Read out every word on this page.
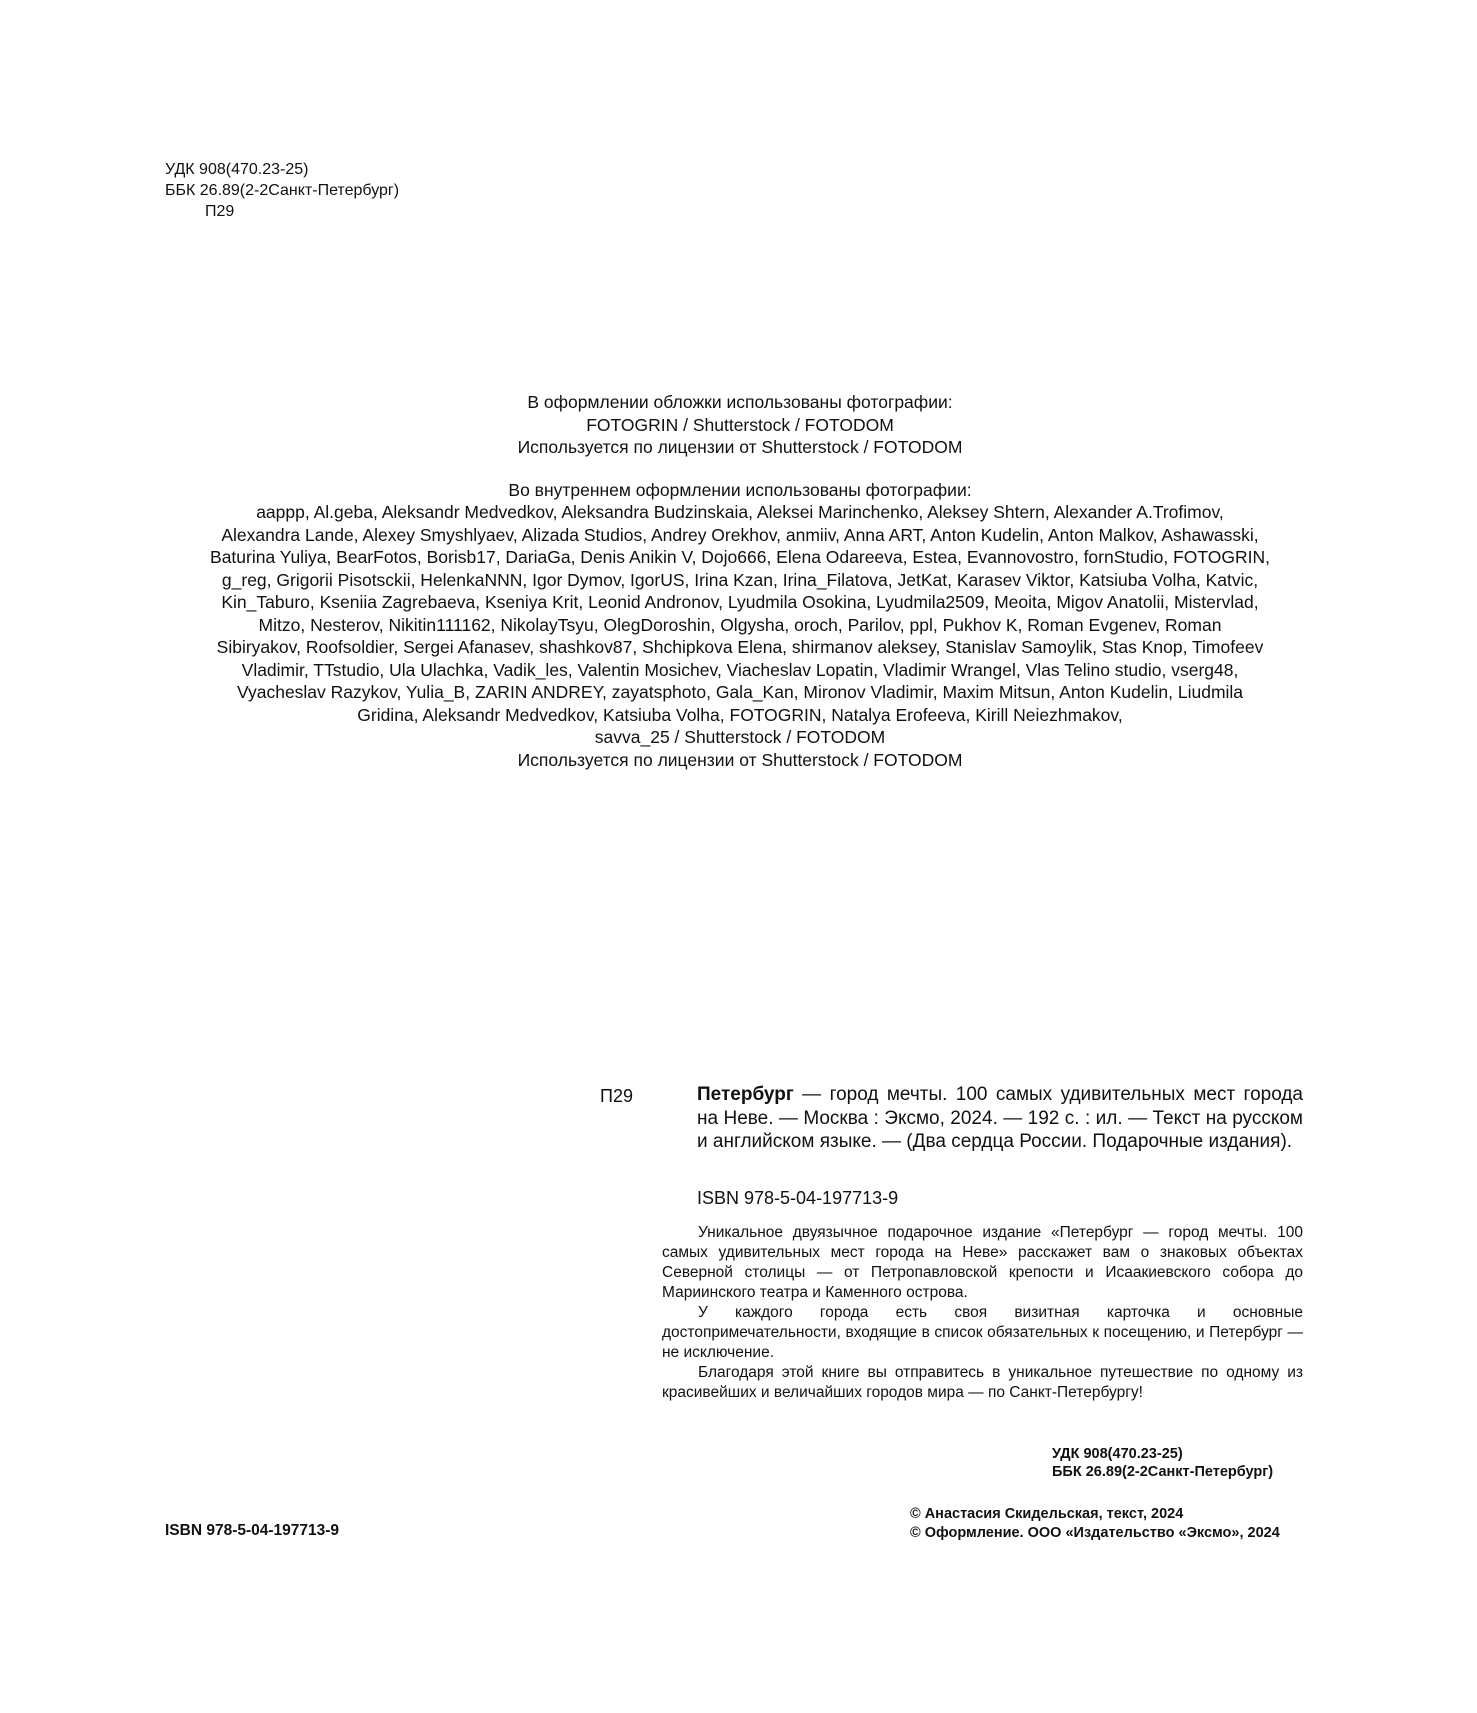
УДК 908(470.23-25)
ББК 26.89(2-2Санкт-Петербург)
П29
В оформлении обложки использованы фотографии:
FOTOGRIN / Shutterstock / FOTODOM
Используется по лицензии от Shutterstock / FOTODOM
Во внутреннем оформлении использованы фотографии:
aappp, Al.geba, Aleksandr Medvedkov, Aleksandra Budzinskaia, Aleksei Marinchenko, Aleksey Shtern, Alexander A.Trofimov,
Alexandra Lande, Alexey Smyshlyaev, Alizada Studios, Andrey Orekhov, anmiiv, Anna ART, Anton Kudelin, Anton Malkov, Ashawasski,
Baturina Yuliya, BearFotos, Borisb17, DariaGa, Denis Anikin V, Dojo666, Elena Odareeva, Estea, Evannovostro, fornStudio, FOTOGRIN,
g_reg, Grigorii Pisotsckii, HelenkaNNN, Igor Dymov, IgorUS, Irina Kzan, Irina_Filatova, JetKat, Karasev Viktor, Katsiuba Volha, Katvic,
Kin_Taburo, Kseniia Zagrebaeva, Kseniya Krit, Leonid Andronov, Lyudmila Osokina, Lyudmila2509, Meoita, Migov Anatolii, Mistervlad,
Mitzo, Nesterov, Nikitin111162, NikolayTsyu, OlegDoroshin, Olgysha, oroch, Parilov, ppl, Pukhov K, Roman Evgenev, Roman
Sibiryakov, Roofsoldier, Sergei Afanasev, shashkov87, Shchipkova Elena, shirmanov aleksey, Stanislav Samoylik, Stas Knop, Timofeev
Vladimir, TTstudio, Ula Ulachka, Vadik_les, Valentin Mosichev, Viacheslav Lopatin, Vladimir Wrangel, Vlas Telino studio, vserg48,
Vyacheslav Razykov, Yulia_B, ZARIN ANDREY, zayatsphoto, Gala_Kan, Mironov Vladimir, Maxim Mitsun, Anton Kudelin, Liudmila
Gridina, Aleksandr Medvedkov, Katsiuba Volha, FOTOGRIN, Natalya Erofeeva, Kirill Neiezhmakov,
savva_25 / Shutterstock / FOTODOM
Используется по лицензии от Shutterstock / FOTODOM
П29	Петербург — город мечты. 100 самых удивительных мест города на Неве. — Москва : Эксмо, 2024. — 192 с. : ил. — Текст на русском и английском языке. — (Два сердца России. Подарочные издания).
ISBN 978-5-04-197713-9

Уникальное двуязычное подарочное издание «Петербург — город мечты. 100 самых удивительных мест города на Неве» расскажет вам о знаковых объектах Северной столицы — от Петропавловской крепости и Исаакиевского собора до Мариинского театра и Каменного острова.

У каждого города есть своя визитная карточка и основные достопримечательности, входящие в список обязательных к посещению, и Петербург — не исключение.

Благодаря этой книге вы отправитесь в уникальное путешествие по одному из красивейших и величайших городов мира — по Санкт-Петербургу!

УДК 908(470.23-25)
ББК 26.89(2-2Санкт-Петербург)
ISBN 978-5-04-197713-9
© Анастасия Скидельская, текст, 2024
© Оформление. ООО «Издательство «Эксмо», 2024
